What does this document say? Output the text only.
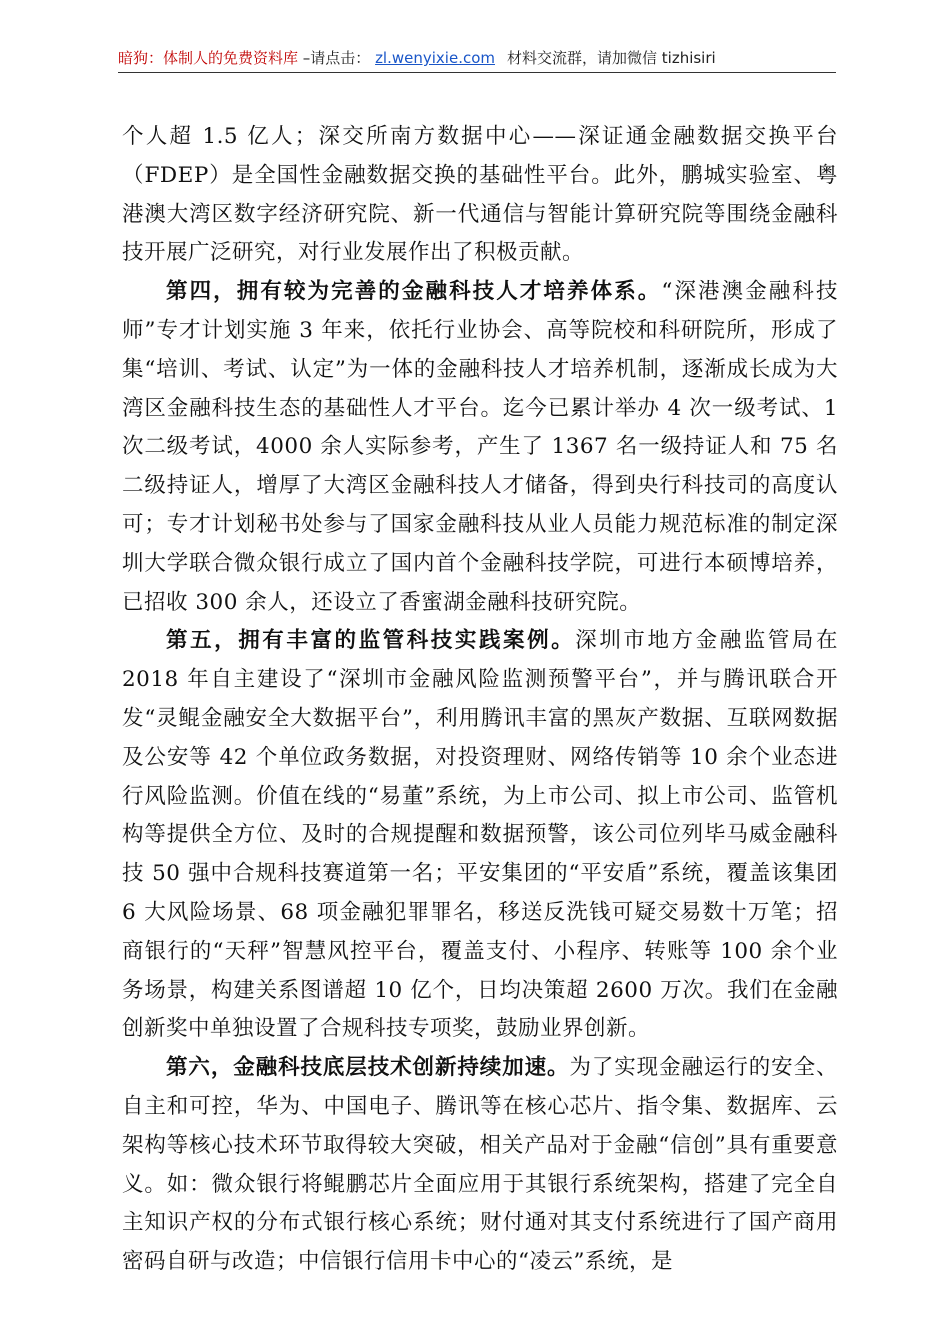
暗狗：体制人的免费资料库 –请点击： zl.wenyixie.com 材料交流群，请加微信 tizhisiri

个人超 1.5 亿人；深交所南方数据中心——深证通金融数据交换平台（FDEP）是全国性金融数据交换的基础性平台。此外，鹏城实验室、粤港澳大湾区数字经济研究院、新一代通信与智能计算研究院等围绕金融科技开展广泛研究，对行业发展作出了积极贡献。

第四，拥有较为完善的金融科技人才培养体系。“深港澳金融科技师”专才计划实施 3 年来，依托行业协会、高等院校和科研院所，形成了集“培训、考试、认定”为一体的金融科技人才培养机制，逐渐成长成为大湾区金融科技生态的基础性人才平台。迄今已累计举办 4 次一级考试、1 次二级考试，4000 余人实际参考，产生了 1367 名一级持证人和 75 名二级持证人，增厚了大湾区金融科技人才储备，得到央行科技司的高度认可；专才计划秘书处参与了国家金融科技从业人员能力规范标准的制定深圳大学联合微众银行成立了国内首个金融科技学院，可进行本硕博培养，已招收 300 余人，还设立了香蜜湖金融科技研究院。

第五，拥有丰富的监管科技实践案例。深圳市地方金融监管局在 2018 年自主建设了“深圳市金融风险监测预警平台”，并与腾讯联合开发“灵鲲金融安全大数据平台”，利用腾讯丰富的黑灰产数据、互联网数据及公安等 42 个单位政务数据，对投资理财、网络传销等 10 余个业态进行风险监测。价值在线的“易董”系统，为上市公司、拟上市公司、监管机构等提供全方位、及时的合规提醒和数据预警，该公司位列毕马威金融科技 50 强中合规科技赛道第一名；平安集团的“平安盾”系统，覆盖该集团 6 大风险场景、68 项金融犯罪罪名，移送反洗钱可疑交易数十万笔；招商银行的“天秤”智慧风控平台，覆盖支付、小程序、转账等 100 余个业务场景，构建关系图谱超 10 亿个，日均决策超 2600 万次。我们在金融创新奖中单独设置了合规科技专项奖，鼓励业界创新。

第六，金融科技底层技术创新持续加速。为了实现金融运行的安全、自主和可控，华为、中国电子、腾讯等在核心芯片、指令集、数据库、云架构等核心技术环节取得较大突破，相关产品对于金融“信创”具有重要意义。如：微众银行将鲲鹏芯片全面应用于其银行系统架构，搭建了完全自主知识产权的分布式银行核心系统；财付通对其支付系统进行了国产商用密码自研与改造；中信银行信用卡中心的“凌云”系统，是
